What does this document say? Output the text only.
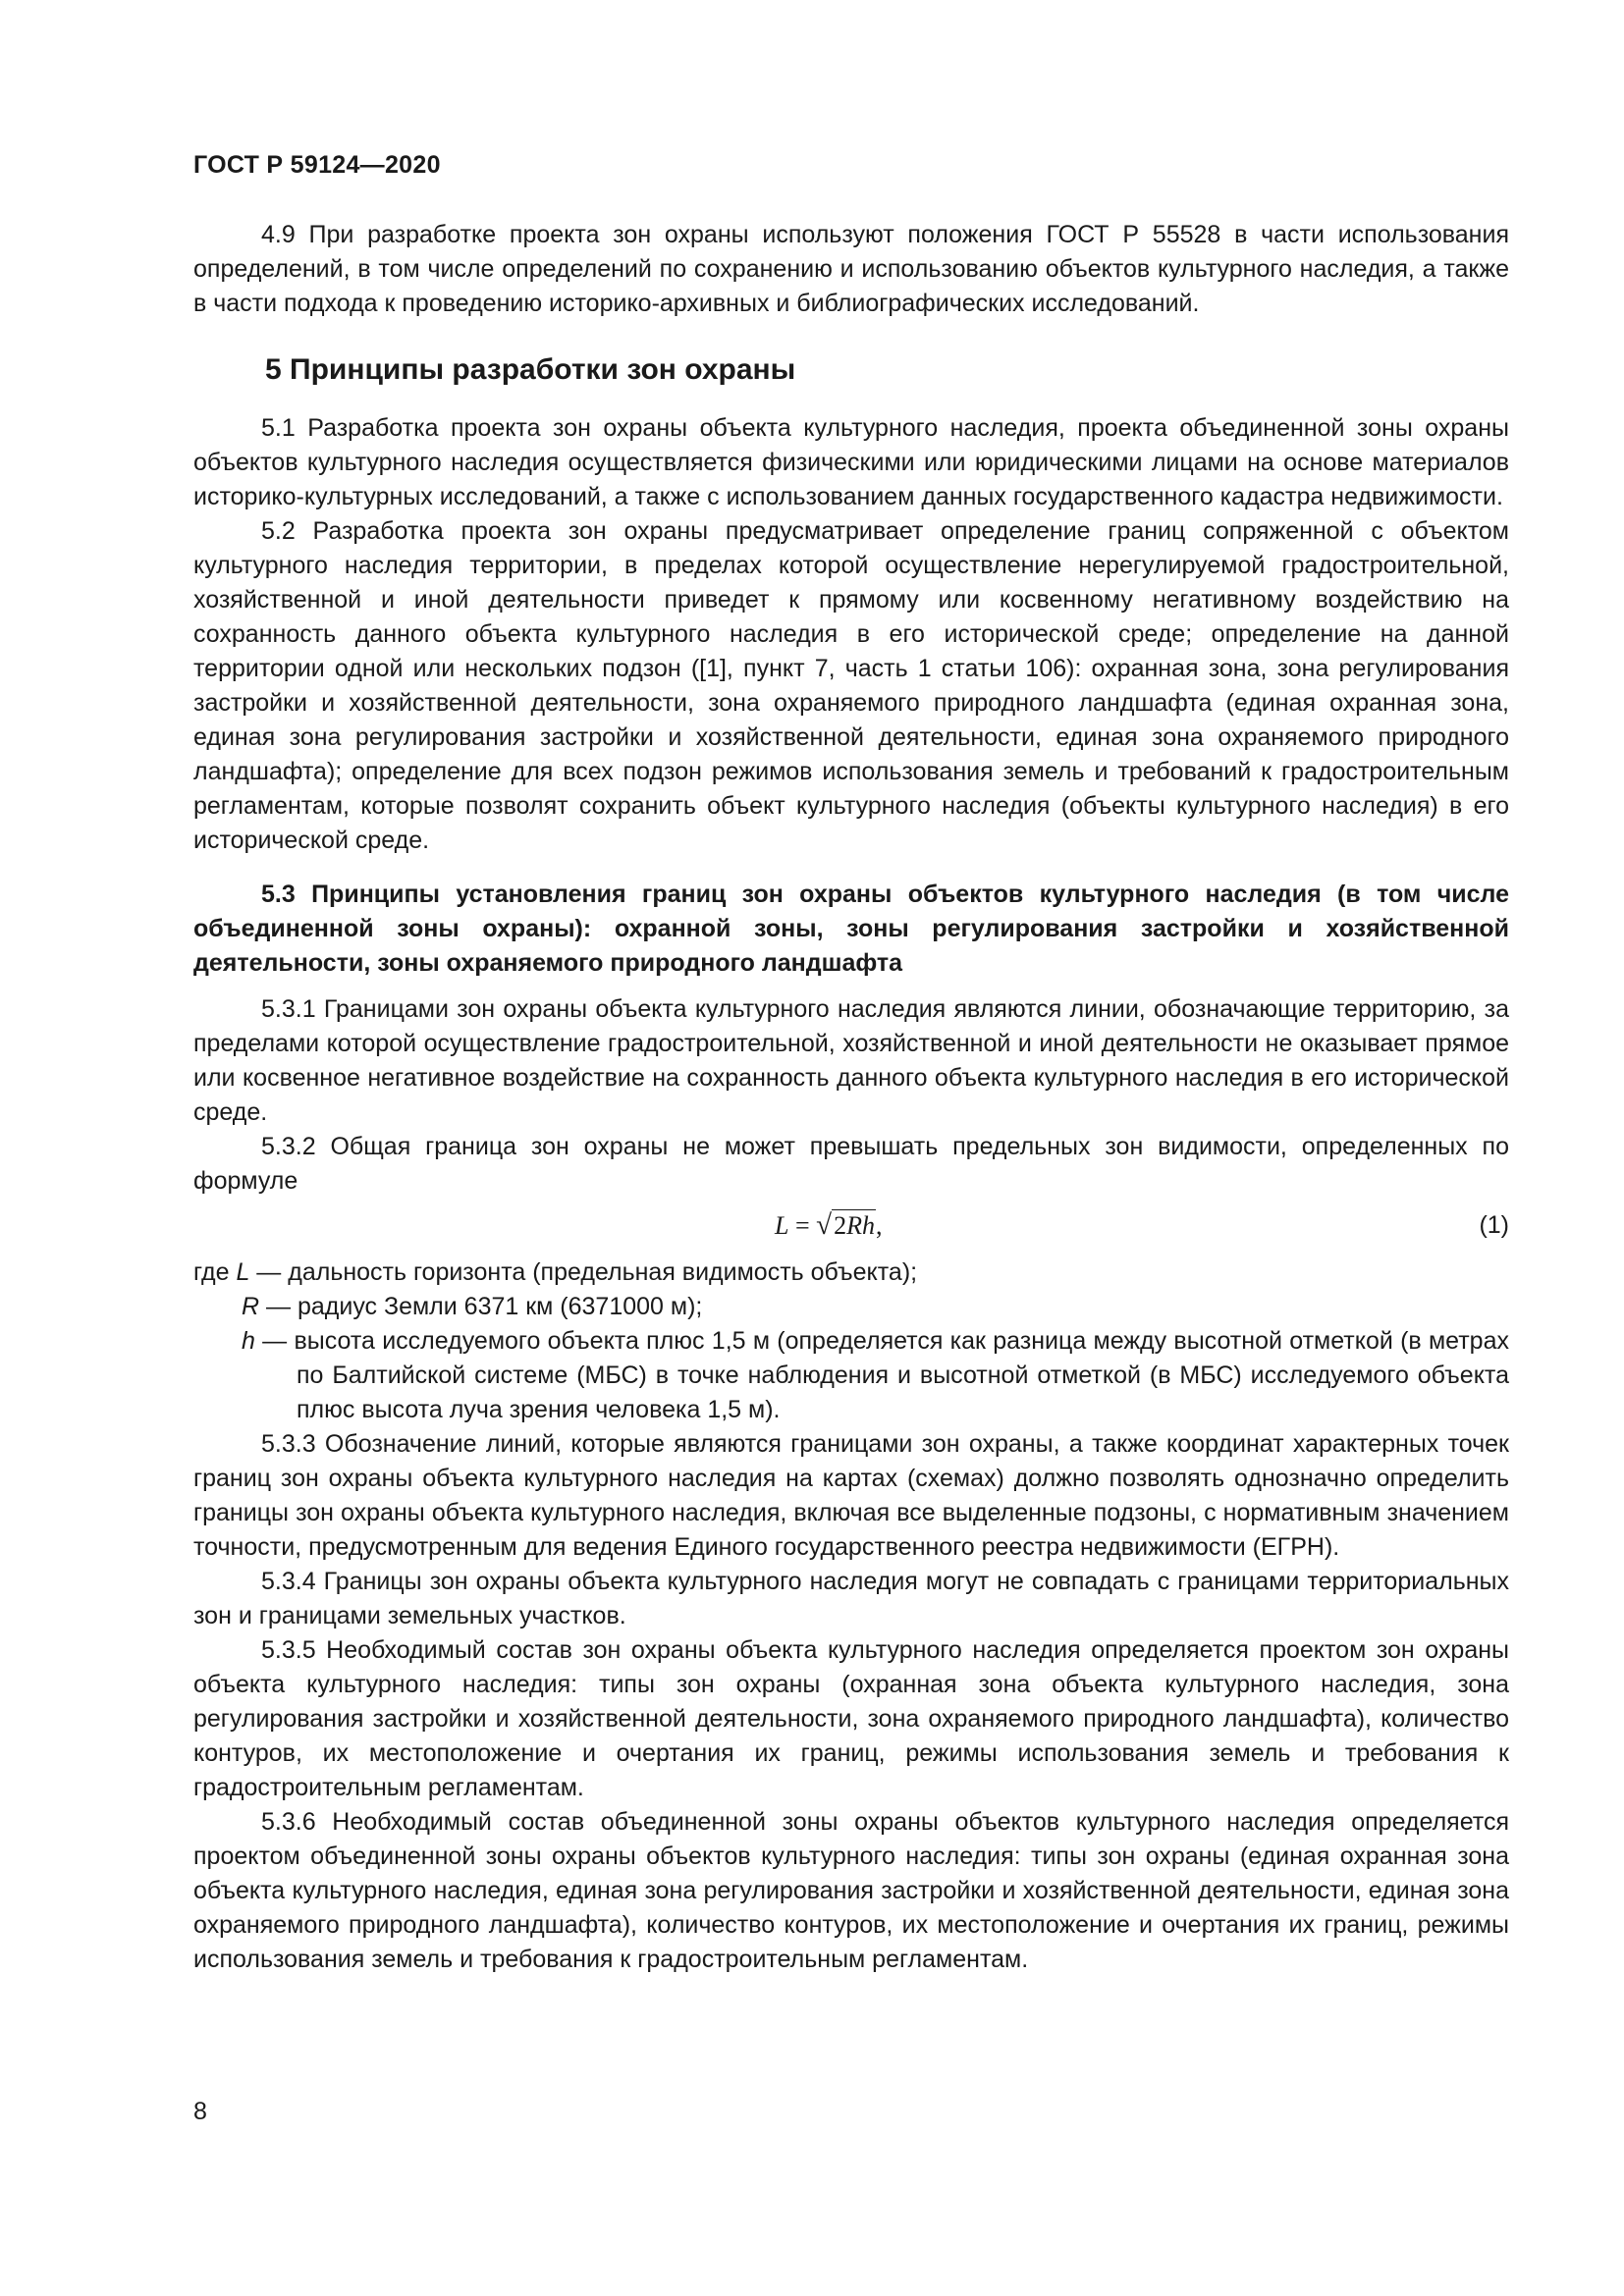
ГОСТ Р 59124—2020

4.9 При разработке проекта зон охраны используют положения ГОСТ Р 55528 в части использования определений, в том числе определений по сохранению и использованию объектов культурного наследия, а также в части подхода к проведению историко-архивных и библиографических исследований.

5 Принципы разработки зон охраны

5.1 Разработка проекта зон охраны объекта культурного наследия, проекта объединенной зоны охраны объектов культурного наследия осуществляется физическими или юридическими лицами на основе материалов историко-культурных исследований, а также с использованием данных государственного кадастра недвижимости.

5.2 Разработка проекта зон охраны предусматривает определение границ сопряженной с объектом культурного наследия территории, в пределах которой осуществление нерегулируемой градостроительной, хозяйственной и иной деятельности приведет к прямому или косвенному негативному воздействию на сохранность данного объекта культурного наследия в его исторической среде; определение на данной территории одной или нескольких подзон ([1], пункт 7, часть 1 статьи 106): охранная зона, зона регулирования застройки и хозяйственной деятельности, зона охраняемого природного ландшафта (единая охранная зона, единая зона регулирования застройки и хозяйственной деятельности, единая зона охраняемого природного ландшафта); определение для всех подзон режимов использования земель и требований к градостроительным регламентам, которые позволят сохранить объект культурного наследия (объекты культурного наследия) в его исторической среде.

5.3 Принципы установления границ зон охраны объектов культурного наследия (в том числе объединенной зоны охраны): охранной зоны, зоны регулирования застройки и хозяйственной деятельности, зоны охраняемого природного ландшафта

5.3.1 Границами зон охраны объекта культурного наследия являются линии, обозначающие территорию, за пределами которой осуществление градостроительной, хозяйственной и иной деятельности не оказывает прямое или косвенное негативное воздействие на сохранность данного объекта культурного наследия в его исторической среде.

5.3.2 Общая граница зон охраны не может превышать предельных зон видимости, определенных по формуле

L = √2Rh,	(1)

где L — дальность горизонта (предельная видимость объекта);

R — радиус Земли 6371 км (6371000 м);

h — высота исследуемого объекта плюс 1,5 м (определяется как разница между высотной отметкой (в метрах по Балтийской системе (МБС) в точке наблюдения и высотной отметкой (в МБС) исследуемого объекта плюс высота луча зрения человека 1,5 м).

5.3.3 Обозначение линий, которые являются границами зон охраны, а также координат характерных точек границ зон охраны объекта культурного наследия на картах (схемах) должно позволять однозначно определить границы зон охраны объекта культурного наследия, включая все выделенные подзоны, с нормативным значением точности, предусмотренным для ведения Единого государственного реестра недвижимости (ЕГРН).

5.3.4 Границы зон охраны объекта культурного наследия могут не совпадать с границами территориальных зон и границами земельных участков.

5.3.5 Необходимый состав зон охраны объекта культурного наследия определяется проектом зон охраны объекта культурного наследия: типы зон охраны (охранная зона объекта культурного наследия, зона регулирования застройки и хозяйственной деятельности, зона охраняемого природного ландшафта), количество контуров, их местоположение и очертания их границ, режимы использования земель и требования к градостроительным регламентам.

5.3.6 Необходимый состав объединенной зоны охраны объектов культурного наследия определяется проектом объединенной зоны охраны объектов культурного наследия: типы зон охраны (единая охранная зона объекта культурного наследия, единая зона регулирования застройки и хозяйственной деятельности, единая зона охраняемого природного ландшафта), количество контуров, их местоположение и очертания их границ, режимы использования земель и требования к градостроительным регламентам.

8
